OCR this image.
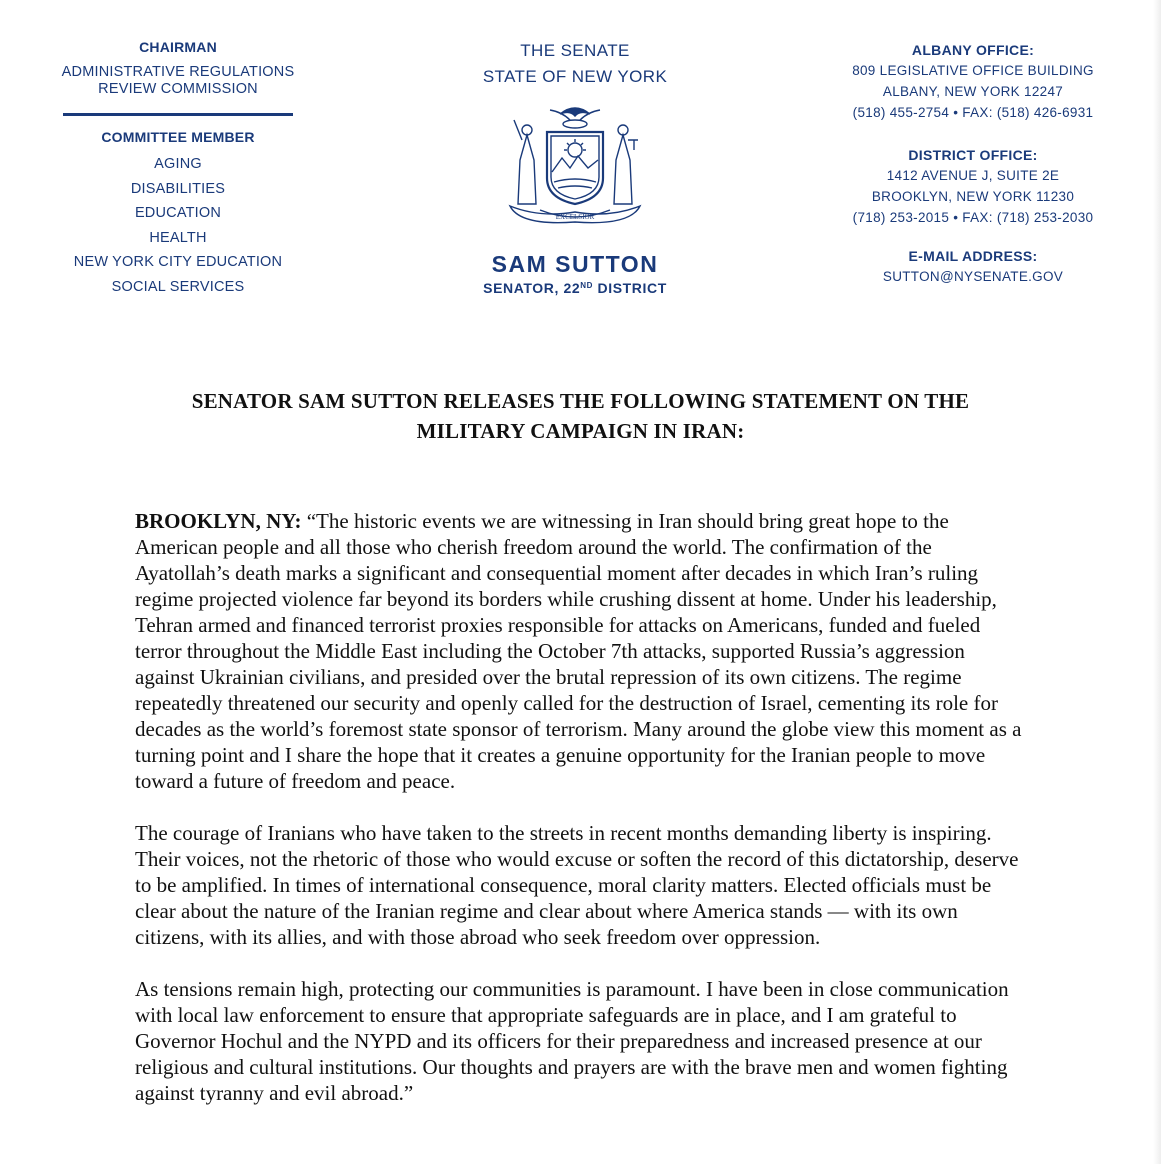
CHAIRMAN
ADMINISTRATIVE REGULATIONS
REVIEW COMMISSION
COMMITTEE MEMBER
AGING
DISABILITIES
EDUCATION
HEALTH
NEW YORK CITY EDUCATION
SOCIAL SERVICES
THE SENATE
STATE OF NEW YORK
EXCELSIOR
SAM SUTTON
SENATOR, 22ND DISTRICT
ALBANY OFFICE:
809 LEGISLATIVE OFFICE BUILDING
ALBANY, NEW YORK 12247
(518) 455-2754 • FAX: (518) 426-6931
DISTRICT OFFICE:
1412 AVENUE J, SUITE 2E
BROOKLYN, NEW YORK 11230
(718) 253-2015 • FAX: (718) 253-2030
E-MAIL ADDRESS:
SUTTON@NYSENATE.GOV
SENATOR SAM SUTTON RELEASES THE FOLLOWING STATEMENT ON THE
MILITARY CAMPAIGN IN IRAN:

BROOKLYN, NY: “The historic events we are witnessing in Iran should bring great hope to the American people and all those who cherish freedom around the world. The confirmation of the Ayatollah’s death marks a significant and consequential moment after decades in which Iran’s ruling regime projected violence far beyond its borders while crushing dissent at home. Under his leadership, Tehran armed and financed terrorist proxies responsible for attacks on Americans, funded and fueled terror throughout the Middle East including the October 7th attacks, supported Russia’s aggression against Ukrainian civilians, and presided over the brutal repression of its own citizens. The regime repeatedly threatened our security and openly called for the destruction of Israel, cementing its role for decades as the world’s foremost state sponsor of terrorism. Many around the globe view this moment as a turning point and I share the hope that it creates a genuine opportunity for the Iranian people to move toward a future of freedom and peace.

The courage of Iranians who have taken to the streets in recent months demanding liberty is inspiring. Their voices, not the rhetoric of those who would excuse or soften the record of this dictatorship, deserve to be amplified. In times of international consequence, moral clarity matters. Elected officials must be clear about the nature of the Iranian regime and clear about where America stands — with its own citizens, with its allies, and with those abroad who seek freedom over oppression.

As tensions remain high, protecting our communities is paramount. I have been in close communication with local law enforcement to ensure that appropriate safeguards are in place, and I am grateful to Governor Hochul and the NYPD and its officers for their preparedness and increased presence at our religious and cultural institutions. Our thoughts and prayers are with the brave men and women fighting against tyranny and evil abroad.”
